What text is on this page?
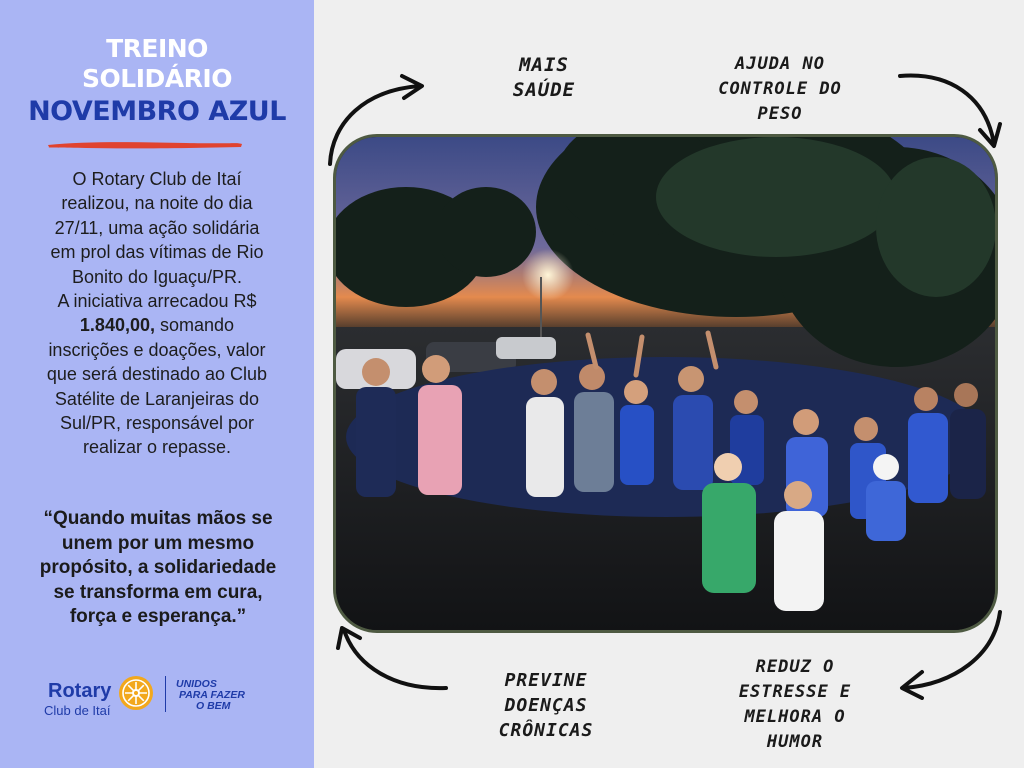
TREINO
SOLIDÁRIO
NOVEMBRO AZUL
O Rotary Club de Itaí
realizou, na noite do dia
27/11, uma ação solidária
em prol das vítimas de Rio
Bonito do Iguaçu/PR.
A iniciativa arrecadou R$
1.840,00, somando
inscrições e doações, valor
que será destinado ao Club
Satélite de Laranjeiras do
Sul/PR, responsável por
realizar o repasse.
“Quando muitas mãos se
unem por um mesmo
propósito, a solidariedade
se transforma em cura,
força e esperança.”
Rotary
Club de Itaí
UNIDOS
PARA FAZER
O BEM
MAIS
SAÚDE
AJUDA NO
CONTROLE DO
PESO
PREVINE
DOENÇAS
CRÔNICAS
REDUZ O
ESTRESSE E
MELHORA O
HUMOR
